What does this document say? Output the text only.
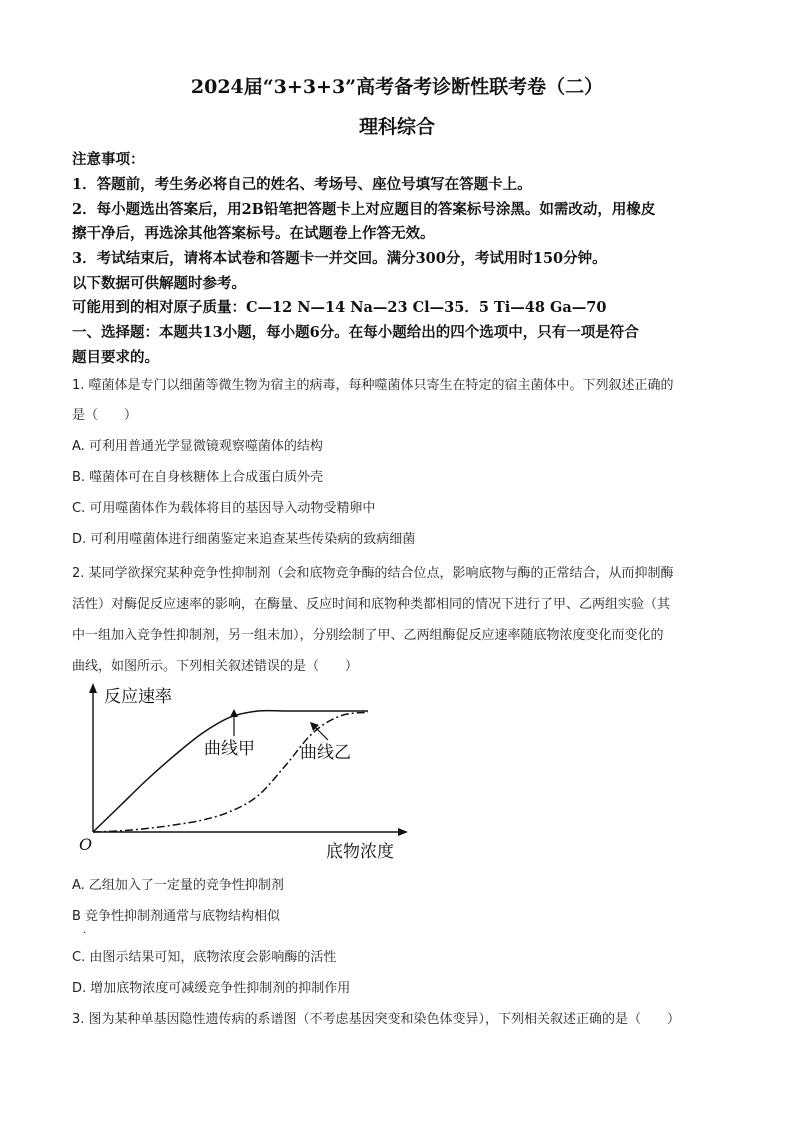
2024届“3+3+3”高考备考诊断性联考卷（二）
理科综合
注意事项：
1．答题前，考生务必将自己的姓名、考场号、座位号填写在答题卡上。
2．每小题选出答案后，用2B铅笔把答题卡上对应题目的答案标号涂黑。如需改动，用橡皮
擦干净后，再选涂其他答案标号。在试题卷上作答无效。
3．考试结束后，请将本试卷和答题卡一并交回。满分300分，考试用时150分钟。
以下数据可供解题时参考。
可能用到的相对原子质量：C—12 N—14 Na—23 Cl—35．5 Ti—48 Ga—70
一、选择题：本题共13小题，每小题6分。在每小题给出的四个选项中，只有一项是符合
题目要求的。
1. 噬菌体是专门以细菌等微生物为宿主的病毒，每种噬菌体只寄生在特定的宿主菌体中。下列叙述正确的
是（　　）
A. 可利用普通光学显微镜观察噬菌体的结构
B. 噬菌体可在自身核糖体上合成蛋白质外壳
C. 可用噬菌体作为载体将目的基因导入动物受精卵中
D. 可利用噬菌体进行细菌鉴定来追查某些传染病的致病细菌
2. 某同学欲探究某种竞争性抑制剂（会和底物竞争酶的结合位点，影响底物与酶的正常结合，从而抑制酶
活性）对酶促反应速率的影响，在酶量、反应时间和底物种类都相同的情况下进行了甲、乙两组实验（其
中一组加入竞争性抑制剂，另一组未加），分别绘制了甲、乙两组酶促反应速率随底物浓度变化而变化的
曲线，如图所示。下列相关叙述错误的是（　　）
反应速率
底物浓度
O
曲线甲	曲线乙
A. 乙组加入了一定量的竞争性抑制剂
B 竞争性抑制剂通常与底物结构相似
.
C. 由图示结果可知，底物浓度会影响酶的活性
D. 增加底物浓度可减缓竞争性抑制剂的抑制作用
3. 图为某种单基因隐性遗传病的系谱图（不考虑基因突变和染色体变异），下列相关叙述正确的是（　　）
